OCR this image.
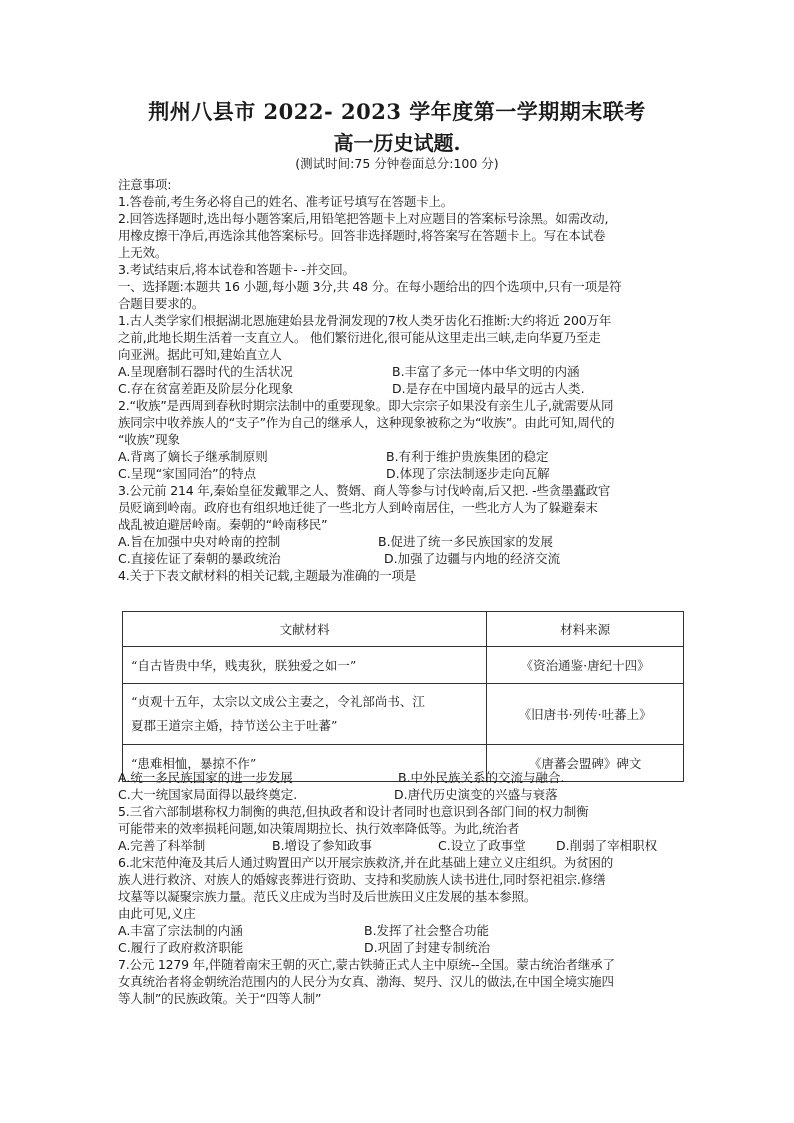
荆州八县市 2022- 2023 学年度第一学期期末联考
高一历史试题.
(测试时间:75 分钟卷面总分:100 分)
注意事项:
1.答卷前,考生务必将自己的姓名、准考证号填写在答题卡上。
2.回答选择题时,选出每小题答案后,用铅笔把答题卡上对应题目的答案标号涂黑。如需改动,
用橡皮擦干净后,再选涂其他答案标号。回答非选择题时,将答案写在答题卡上。写在本试卷
上无效。
3.考试结束后,将本试卷和答题卡- -并交回。
一、选择题:本题共 16 小题,每小题 3分,共 48 分。在每小题给出的四个选项中,只有一项是符
合题目要求的。
1.古人类学家们根据湖北恩施建始县龙骨洞发现的7枚人类牙齿化石推断:大约将近 200万年
之前,此地长期生活着一支直立人。 他们繁衍进化,很可能从这里走出三峡,走向华夏乃至走
向亚洲。据此可知,建始直立人
A.呈现磨制石器时代的生活状况	B.丰富了多元一体中华文明的内涵
C.存在贫富差距及阶层分化现象	D.是存在中国境内最早的远古人类.
2.“收族”是西周到春秋时期宗法制中的重要现象。即大宗宗子如果没有亲生儿子,就需要从同
族同宗中收养族人的“支子”作为自己的继承人，这种现象被称之为“收族”。由此可知,周代的
“收族”现象
A.背离了嫡长子继承制原则	B.有利于维护贵族集团的稳定
C.呈现“家国同治”的特点	D.体现了宗法制逐步走向瓦解
3.公元前 214 年,秦始皇征发戴罪之人、赘婿、商人等参与讨伐岭南,后又把. -些贪墨蠹政官
员贬谪到岭南。政府也有组织地迁徙了一些北方人到岭南居住，一些北方人为了躲避秦末
战乱被迫避居岭南。秦朝的“岭南移民”
A.旨在加强中央对岭南的控制	B.促进了统一多民族国家的发展
C.直接佐证了秦朝的暴政统治	D.加强了边疆与内地的经济交流
4.关于下表文献材料的相关记载,主题最为准确的一项是
文献材料	材料来源
“自古皆贵中华，贱夷狄，朕独爱之如一”	《资治通鉴·唐纪十四》

“贞观十五年，太宗以文成公主妻之，令礼部尚书、江
夏郡王道宗主婚，持节送公主于吐蕃”	《旧唐书·列传·吐蕃上》
“患难相恤，暴掠不作”	《唐蕃会盟碑》碑文
A.统一多民族国家的进一步发展	B.中外民族关系的交流与融合.
C.大一统国家局面得以最终奠定.	D.唐代历史演变的兴盛与衰落
5.三省六部制堪称权力制衡的典范,但执政者和设计者同时也意识到各部门间的权力制衡
可能带来的效率损耗问题,如决策周期拉长、执行效率降低等。为此,统治者
A.完善了科举制	B.增设了参知政事	C.设立了政事堂 D.削弱了宰相职权
6.北宋范仲淹及其后人通过购置田产以开展宗族救济,并在此基础上建立义庄组织。为贫困的
族人进行救济、对族人的婚嫁丧葬进行资助、支持和奖励族人读书进仕,同时祭祀祖宗.修缮
坟墓等以凝聚宗族力量。范氏义庄成为当时及后世族田义庄发展的基本参照。
由此可见,义庄
A.丰富了宗法制的内涵	B.发挥了社会整合功能
C.履行了政府救济职能	D.巩固了封建专制统治
7.公元 1279 年,伴随着南宋王朝的灭亡,蒙古铁骑正式人主中原统--全国。蒙古统治者继承了
女真统治者将金朝统治范围内的人民分为女真、渤海、契丹、汉儿的做法,在中国全境实施四
等人制”的民族政策。关于“四等人制”
